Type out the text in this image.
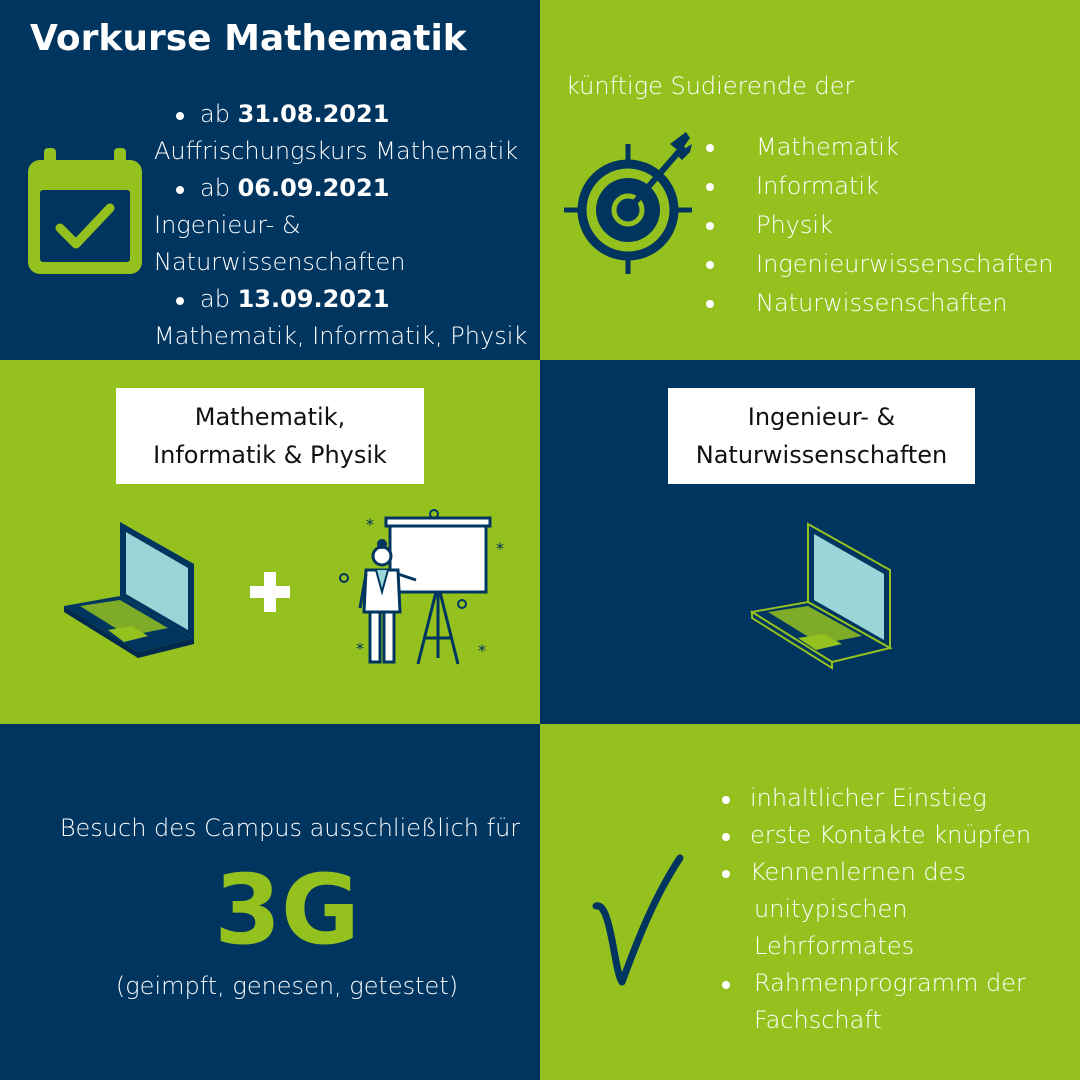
Vorkurse Mathematik
ab 31.08.2021
Auffrischungskurs Mathematik
ab 06.09.2021
Ingenieur- &
Naturwissenschaften
ab 13.09.2021
Mathematik, Informatik, Physik
künftige Sudierende der
Mathematik
Informatik
Physik
Ingenieurwissenschaften
Naturwissenschaften
Mathematik,
Informatik & Physik
*
*
*	*
Ingenieur- &
Naturwissenschaften
Besuch des Campus ausschließlich für
3G
(geimpft, genesen, getestet)
inhaltlicher Einstieg
erste Kontakte knüpfen
Kennenlernen des
unitypischen
Lehrformates
Rahmenprogramm der
Fachschaft
